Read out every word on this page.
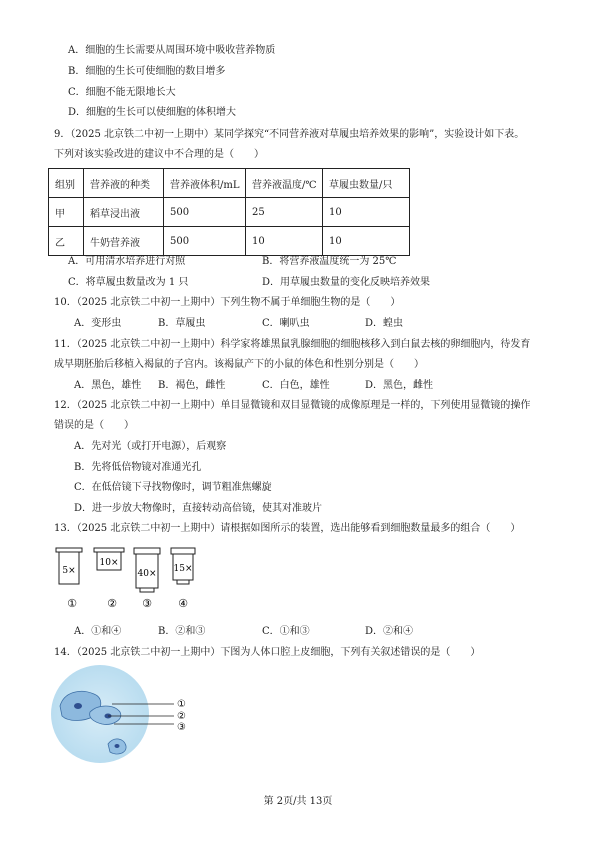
A．细胞的生长需要从周围环境中吸收营养物质
B．细胞的生长可使细胞的数目增多
C．细胞不能无限地长大
D．细胞的生长可以使细胞的体积增大
9．（2025 北京铁二中初一上期中）某同学探究“不同营养液对草履虫培养效果的影响”，实验设计如下表。
下列对该实验改进的建议中不合理的是（　　）
组别	营养液的种类	营养液体积/mL	营养液温度/℃	草履虫数量/只
甲	稻草浸出液	500	25	10
乙	牛奶营养液	500	10	10
A．可用清水培养进行对照	B．将营养液温度统一为 25℃
C．将草履虫数量改为 1 只	D．用草履虫数量的变化反映培养效果
10．（2025 北京铁二中初一上期中）下列生物不属于单细胞生物的是（　　）
A．变形虫	B．草履虫	C．喇叭虫	D．蝗虫
11．（2025 北京铁二中初一上期中）科学家将雄黑鼠乳腺细胞的细胞核移入到白鼠去核的卵细胞内，待发育
成早期胚胎后移植入褐鼠的子宫内。该褐鼠产下的小鼠的体色和性别分别是（　　）
A．黑色，雄性 B．褐色，雌性	C．白色，雄性	D．黑色，雌性
12．（2025 北京铁二中初一上期中）单目显微镜和双目显微镜的成像原理是一样的，下列使用显微镜的操作
错误的是（　　）
A．先对光（或打开电源），后观察
B．先将低倍物镜对准通光孔
C．在低倍镜下寻找物像时，调节粗准焦螺旋
D．进一步放大物像时，直接转动高倍镜，使其对准玻片
13．（2025 北京铁二中初一上期中）请根据如图所示的装置，选出能够看到细胞数量最多的组合（　　）
5×
10×
40× 15×
①	② ③ ④
A．①和④	B．②和③	C．①和③	D．②和④
14．（2025 北京铁二中初一上期中）下图为人体口腔上皮细胞，下列有关叙述错误的是（　　）
①
②
③
第 2页/共 13页
